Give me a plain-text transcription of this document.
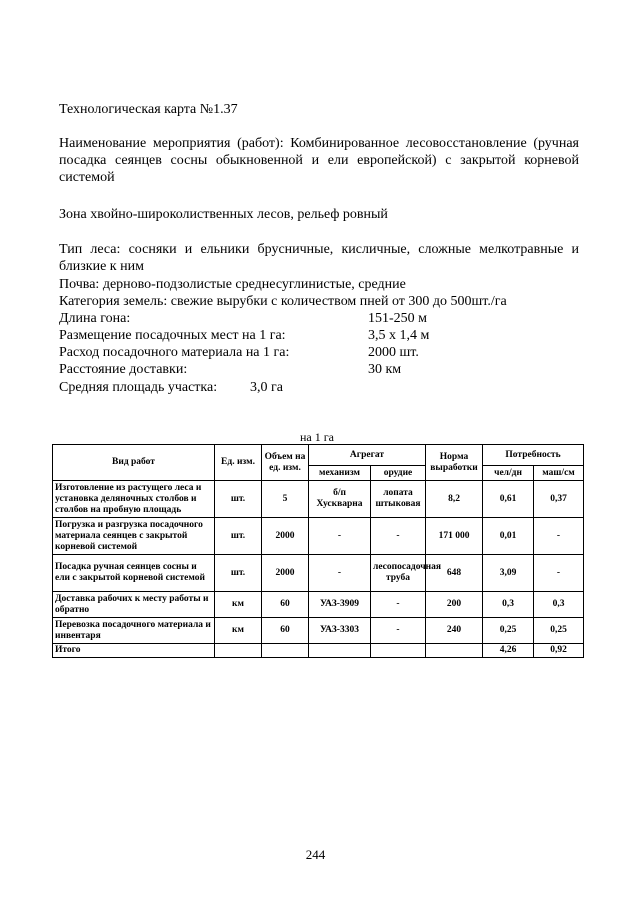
Технологическая карта №1.37
Наименование мероприятия (работ): Комбинированное лесовосстановление (ручная посадка сеянцев сосны обыкновенной и ели европейской) с закрытой корневой системой
Зона хвойно-широколиственных лесов, рельеф ровный
Тип леса: сосняки и ельники брусничные, кисличные, сложные мелкотравные и близкие к ним
Почва: дерново-подзолистые среднесуглинистые, средние
Категория земель: свежие вырубки с количеством пней от 300 до 500шт./га
Длина гона:	151-250 м
Размещение посадочных мест на 1 га:	3,5 x 1,4 м
Расход посадочного материала на 1 га:	2000 шт.
Расстояние доставки:	30 км
Средняя площадь участка: 3,0 га
на 1 га
Вид работ	Ед. изм.	Объем на ед. изм.	Агрегат		Норма выработки	Потребность	
			механизм	орудие		чел/дн	маш/см
Изготовление из растущего леса и установка деляночных столбов и столбов на пробную площадь	шт.	5	б/п Хускварна	лопата штыковая	8,2	0,61	0,37
Погрузка и разгрузка посадочного материала сеянцев с закрытой корневой системой	шт.	2000	-	-	171 000	0,01	-
Посадка ручная сеянцев сосны и ели с закрытой корневой системой	шт.	2000	-	лесопосадочная труба	648	3,09	-
Доставка рабочих к месту работы и обратно	км	60	УАЗ-3909	-	200	0,3	0,3
Перевозка посадочного материала и инвентаря	км	60	УАЗ-3303	-	240	0,25	0,25
Итого						4,26	0,92
244
